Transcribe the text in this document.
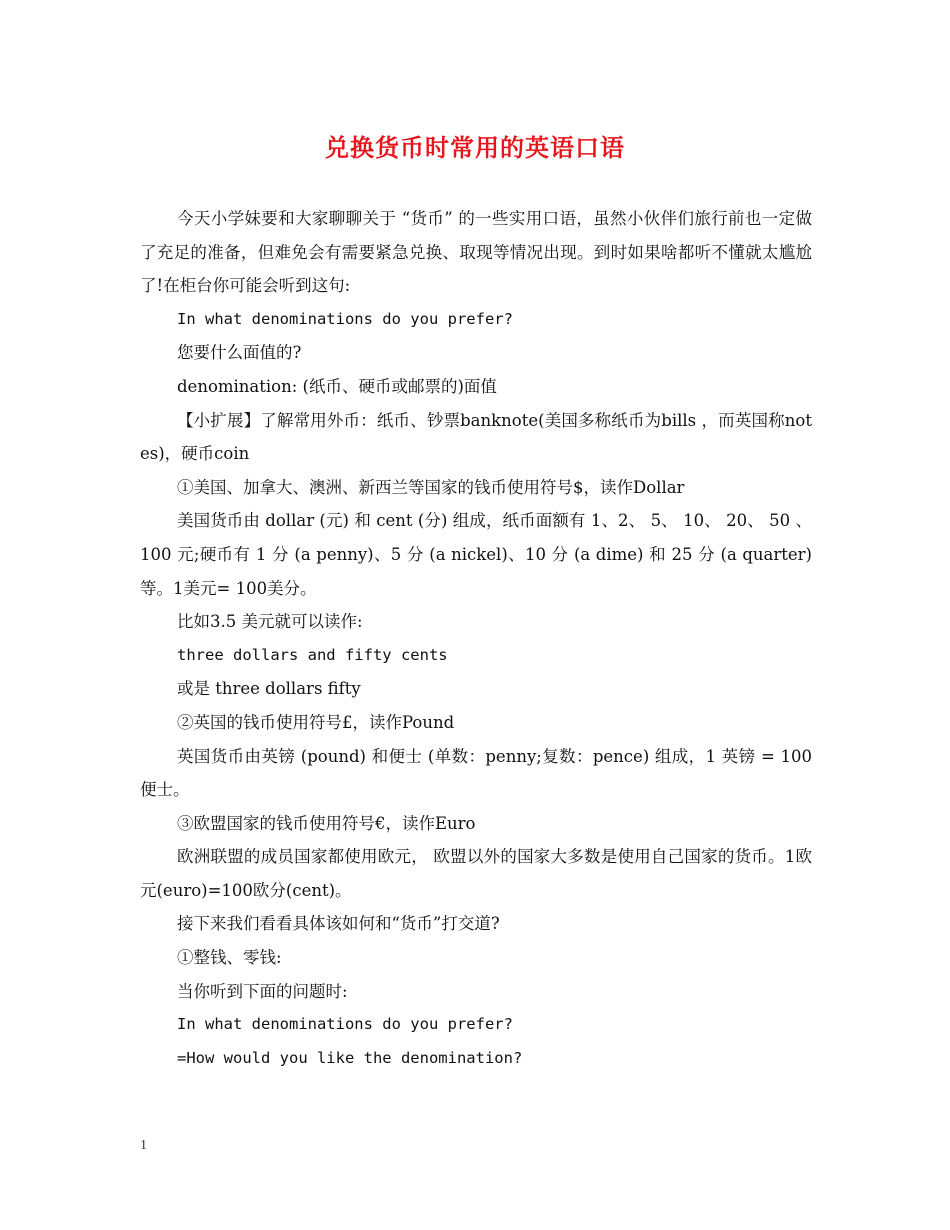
兑换货币时常用的英语口语

今天小学妹要和大家聊聊关于 “货币” 的一些实用口语，虽然小伙伴们旅行前也一定做了充足的准备，但难免会有需要紧急兑换、取现等情况出现。到时如果啥都听不懂就太尴尬了!在柜台你可能会听到这句:

In what denominations do you prefer?

您要什么面值的?

denomination: (纸币、硬币或邮票的)面值

【小扩展】了解常用外币：纸币、钞票banknote(美国多称纸币为bills ，而英国称notes)，硬币coin

①美国、加拿大、澳洲、新西兰等国家的钱币使用符号$，读作Dollar

美国货币由 dollar (元) 和 cent (分) 组成，纸币面额有 1、2、 5、 10、 20、 50 、100 元;硬币有 1 分 (a penny)、5 分 (a nickel)、10 分 (a dime) 和 25 分 (a quarter) 等。1美元= 100美分。

比如3.5 美元就可以读作:

three dollars and fifty cents

或是 three dollars fifty

②英国的钱币使用符号£，读作Pound

英国货币由英镑 (pound) 和便士 (单数：penny;复数：pence) 组成，1 英镑 = 100 便士。

③欧盟国家的钱币使用符号€，读作Euro

欧洲联盟的成员国家都使用欧元， 欧盟以外的国家大多数是使用自己国家的货币。1欧元(euro)=100欧分(cent)。

接下来我们看看具体该如何和“货币”打交道?

①整钱、零钱:

当你听到下面的问题时:

In what denominations do you prefer?

=How would you like the denomination?

1
